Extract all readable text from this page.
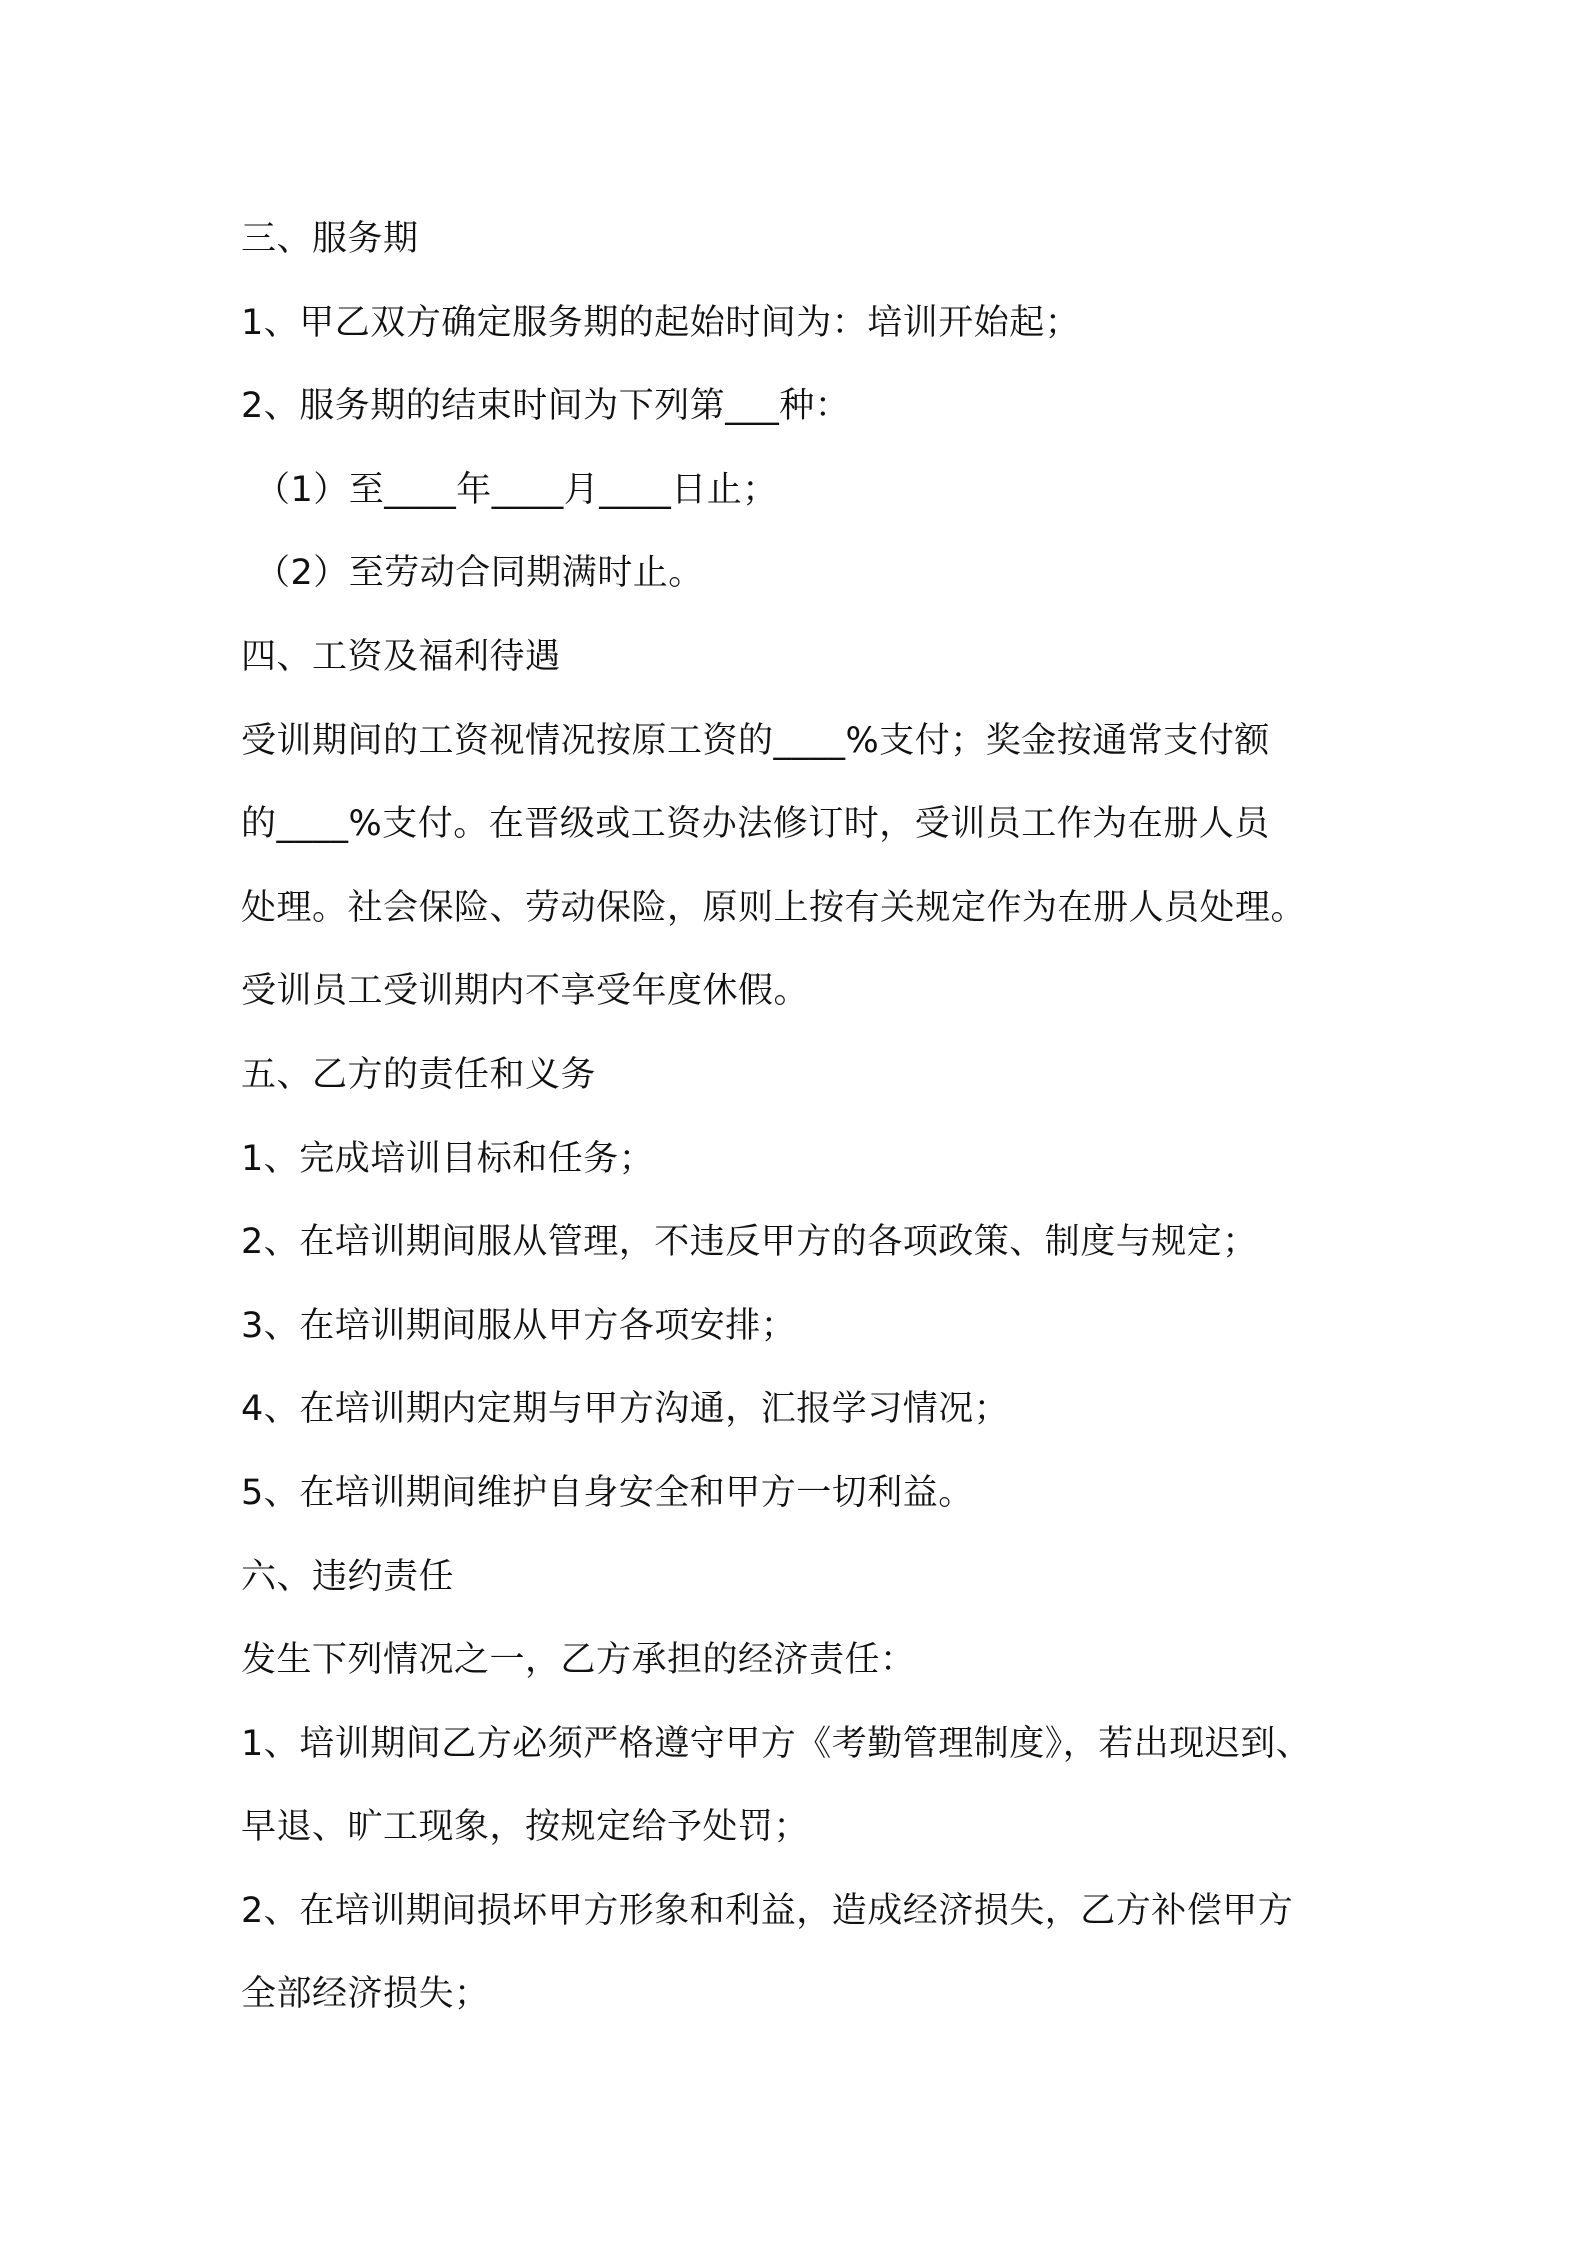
三、服务期
1、甲乙双方确定服务期的起始时间为：培训开始起；
2、服务期的结束时间为下列第___种：
（1）至____年____月____日止；
（2）至劳动合同期满时止。
四、工资及福利待遇
受训期间的工资视情况按原工资的____%支付；奖金按通常支付额
的____%支付。在晋级或工资办法修订时，受训员工作为在册人员
处理。社会保险、劳动保险，原则上按有关规定作为在册人员处理。
受训员工受训期内不享受年度休假。
五、乙方的责任和义务
1、完成培训目标和任务；
2、在培训期间服从管理，不违反甲方的各项政策、制度与规定；
3、在培训期间服从甲方各项安排；
4、在培训期内定期与甲方沟通，汇报学习情况；
5、在培训期间维护自身安全和甲方一切利益。
六、违约责任
发生下列情况之一，乙方承担的经济责任：
1、培训期间乙方必须严格遵守甲方《考勤管理制度》，若出现迟到、
早退、旷工现象，按规定给予处罚；
2、在培训期间损坏甲方形象和利益，造成经济损失，乙方补偿甲方
全部经济损失；
